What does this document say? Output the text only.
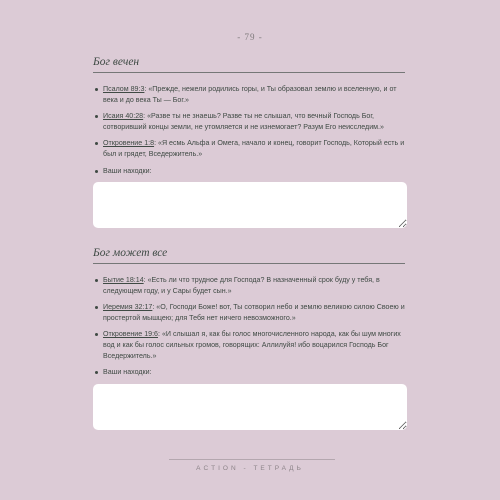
- 79 -
Бог вечен
Псалом 89:3: «Прежде, нежели родились горы, и Ты образовал землю и вселенную, и от века и до века Ты — Бог.»
Исаия 40:28: «Разве ты не знаешь? Разве ты не слышал, что вечный Господь Бог, сотворивший концы земли, не утомляется и не изнемогает? Разум Его неисследим.»
Откровение 1:8: «Я есмь Альфа и Омега, начало и конец, говорит Господь, Который есть и был и грядет, Вседержитель.»
Ваши находки:
Бог может все
Бытие 18:14: «Есть ли что трудное для Господа? В назначенный срок буду у тебя, в следующем году, и у Сары будет сын.»
Иеремия 32:17: «О, Господи Боже! вот, Ты сотворил небо и землю великою силою Своею и простертой мышцею; для Тебя нет ничего невозможного.»
Откровение 19:6: «И слышал я, как бы голос многочисленного народа, как бы шум многих вод и как бы голос сильных громов, говорящих: Аллилуйя! ибо воцарился Господь Бог Вседержитель.»
Ваши находки:
ACTION - ТЕТРАДЬ
